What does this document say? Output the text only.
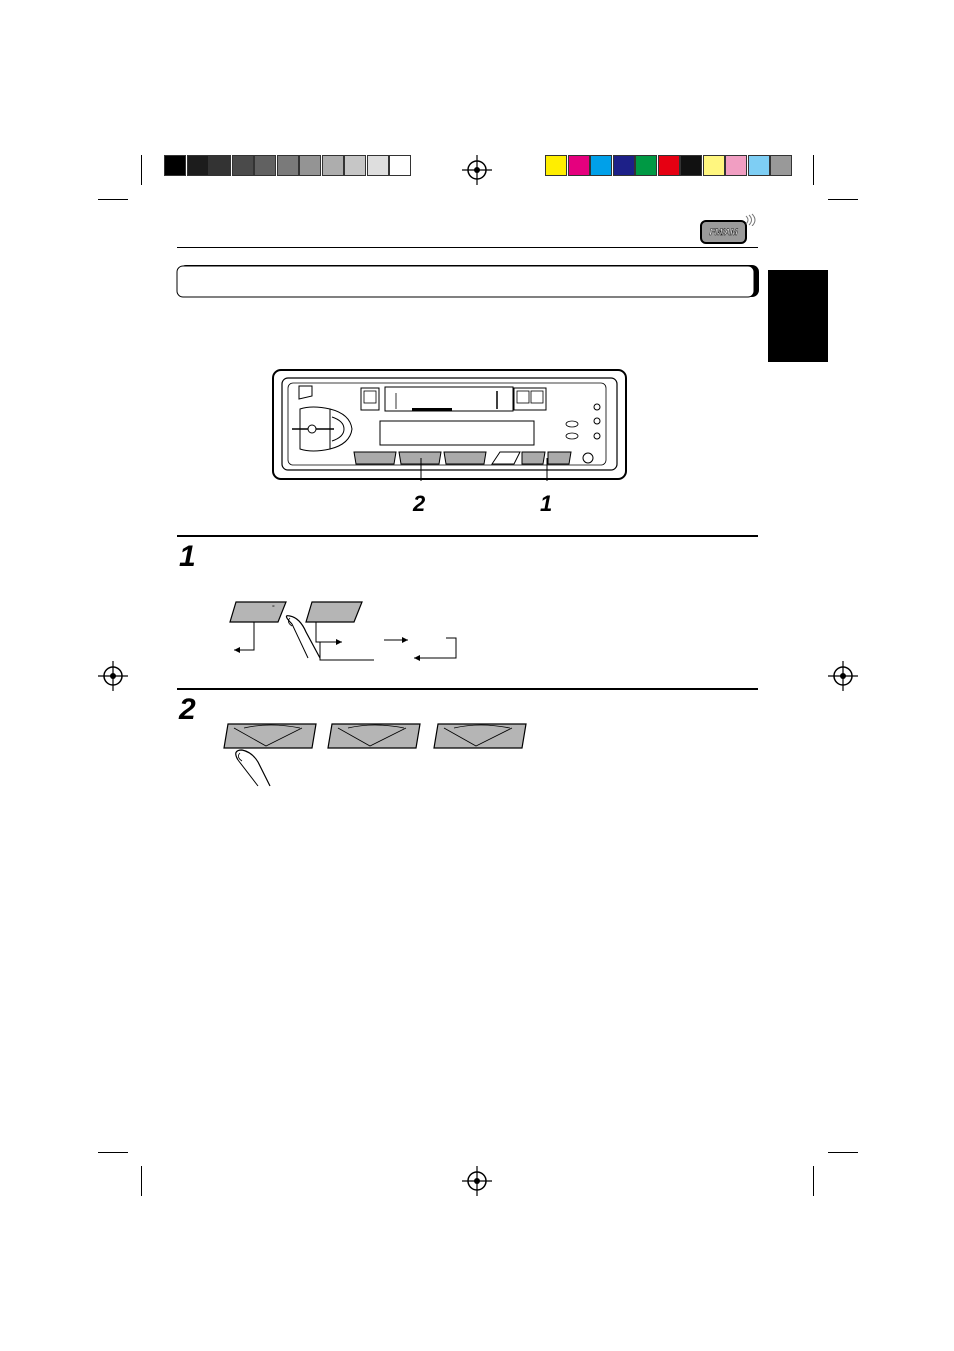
FM/AM
2	1
1
°
2
